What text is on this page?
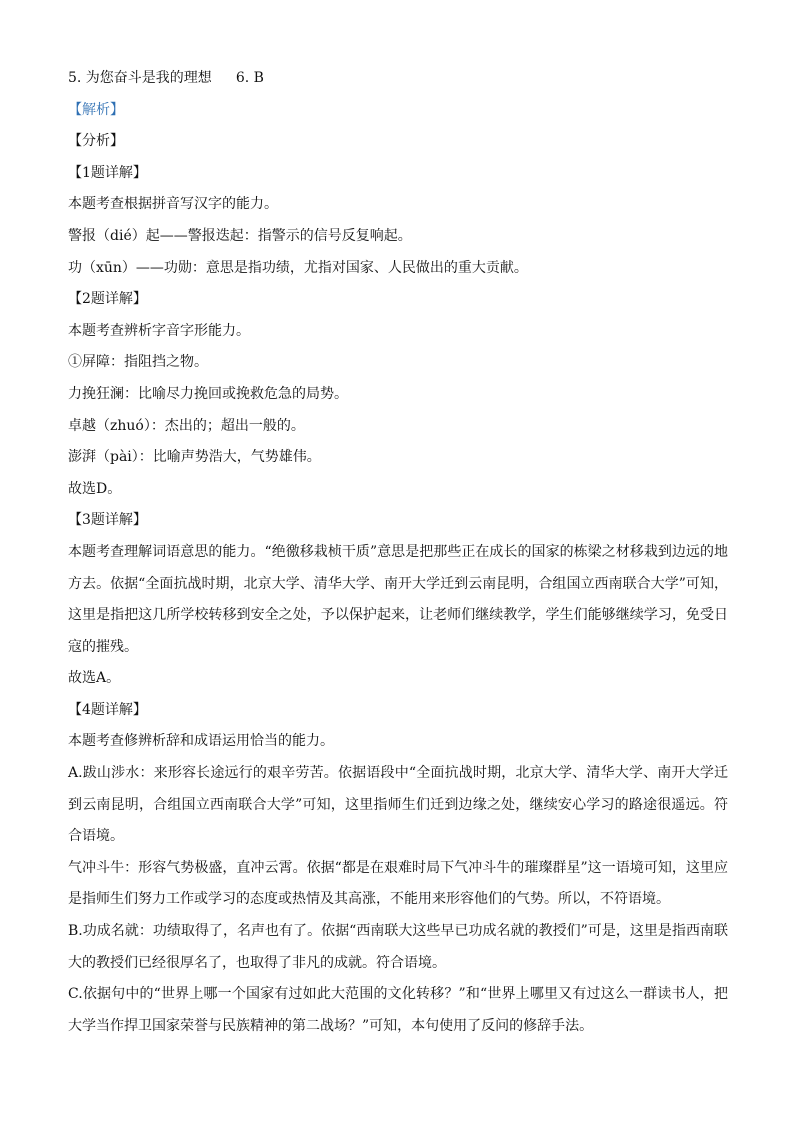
5. 为您奋斗是我的理想 6. B
【解析】
【分析】
【1题详解】
本题考查根据拼音写汉字的能力。
警报（dié）起——警报迭起：指警示的信号反复响起。
功（xūn）——功勋：意思是指功绩，尤指对国家、人民做出的重大贡献。
【2题详解】
本题考查辨析字音字形能力。
①屏障：指阻挡之物。
力挽狂澜：比喻尽力挽回或挽救危急的局势。
卓越（zhuó）：杰出的；超出一般的。
澎湃（pài）：比喻声势浩大，气势雄伟。
故选D。
【3题详解】
本题考查理解词语意思的能力。“绝徼移栽桢干质”意思是把那些正在成长的国家的栋梁之材移栽到边远的地方去。依据“全面抗战时期，北京大学、清华大学、南开大学迁到云南昆明，合组国立西南联合大学”可知，这里是指把这几所学校转移到安全之处，予以保护起来，让老师们继续教学，学生们能够继续学习，免受日寇的摧残。
故选A。
【4题详解】
本题考查修辨析辞和成语运用恰当的能力。
A.跋山涉水：来形容长途远行的艰辛劳苦。依据语段中“全面抗战时期，北京大学、清华大学、南开大学迁到云南昆明，合组国立西南联合大学”可知，这里指师生们迁到边缘之处，继续安心学习的路途很遥远。符合语境。
气冲斗牛：形容气势极盛，直冲云霄。依据“都是在艰难时局下气冲斗牛的璀璨群星”这一语境可知，这里应是指师生们努力工作或学习的态度或热情及其高涨，不能用来形容他们的气势。所以，不符语境。
B.功成名就：功绩取得了，名声也有了。依据“西南联大这些早已功成名就的教授们”可是，这里是指西南联大的教授们已经很厚名了，也取得了非凡的成就。符合语境。
C.依据句中的“世界上哪一个国家有过如此大范围的文化转移？”和“世界上哪里又有过这么一群读书人，把大学当作捍卫国家荣誉与民族精神的第二战场？”可知，本句使用了反问的修辞手法。
